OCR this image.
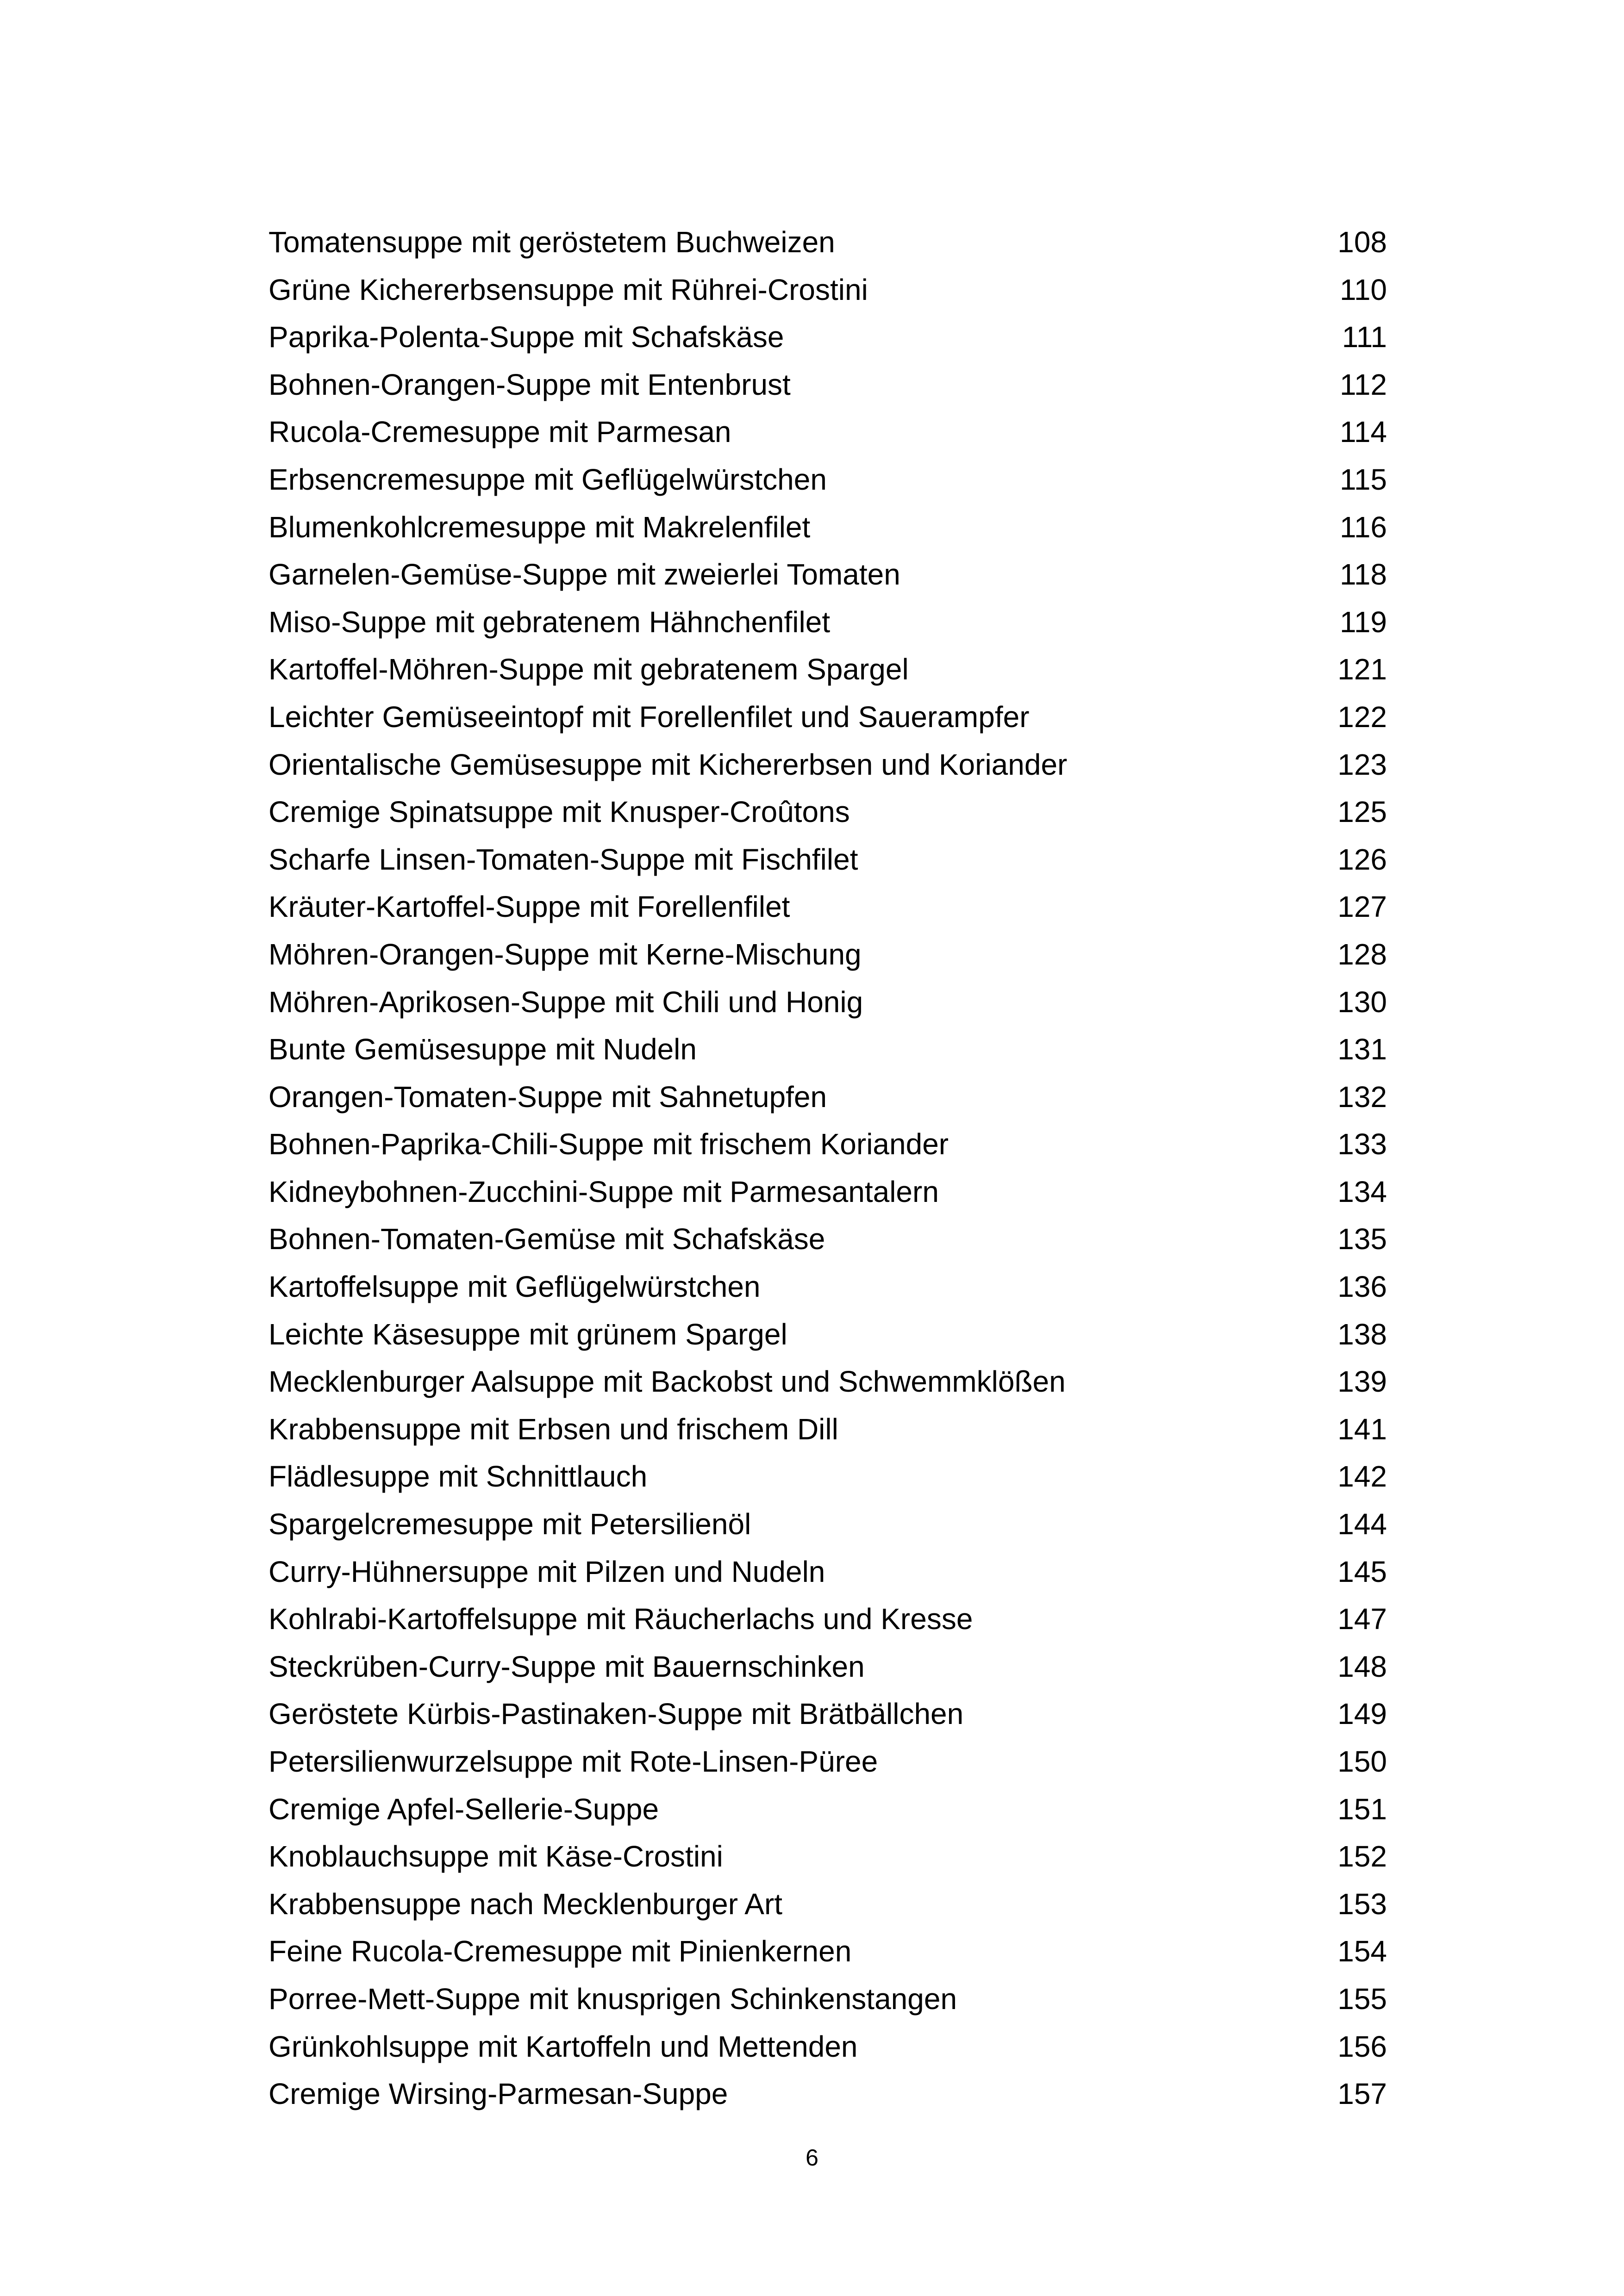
Tomatensuppe mit geröstetem Buchweizen	108
Grüne Kichererbsensuppe mit Rührei-Crostini	110
Paprika-Polenta-Suppe mit Schafskäse	111
Bohnen-Orangen-Suppe mit Entenbrust	112
Rucola-Cremesuppe mit Parmesan	114
Erbsencremesuppe mit Geflügelwürstchen	115
Blumenkohlcremesuppe mit Makrelenfilet	116
Garnelen-Gemüse-Suppe mit zweierlei Tomaten	118
Miso-Suppe mit gebratenem Hähnchenfilet	119
Kartoffel-Möhren-Suppe mit gebratenem Spargel	121
Leichter Gemüseeintopf mit Forellenfilet und Sauerampfer	122
Orientalische Gemüsesuppe mit Kichererbsen und Koriander	123
Cremige Spinatsuppe mit Knusper-Croûtons	125
Scharfe Linsen-Tomaten-Suppe mit Fischfilet	126
Kräuter-Kartoffel-Suppe mit Forellenfilet	127
Möhren-Orangen-Suppe mit Kerne-Mischung	128
Möhren-Aprikosen-Suppe mit Chili und Honig	130
Bunte Gemüsesuppe mit Nudeln	131
Orangen-Tomaten-Suppe mit Sahnetupfen	132
Bohnen-Paprika-Chili-Suppe mit frischem Koriander	133
Kidneybohnen-Zucchini-Suppe mit Parmesantalern	134
Bohnen-Tomaten-Gemüse mit Schafskäse	135
Kartoffelsuppe mit Geflügelwürstchen	136
Leichte Käsesuppe mit grünem Spargel	138
Mecklenburger Aalsuppe mit Backobst und Schwemmklößen	139
Krabbensuppe mit Erbsen und frischem Dill	141
Flädlesuppe mit Schnittlauch	142
Spargelcremesuppe mit Petersilienöl	144
Curry-Hühnersuppe mit Pilzen und Nudeln	145
Kohlrabi-Kartoffelsuppe mit Räucherlachs und Kresse	147
Steckrüben-Curry-Suppe mit Bauernschinken	148
Geröstete Kürbis-Pastinaken-Suppe mit Brätbällchen	149
Petersilienwurzelsuppe mit Rote-Linsen-Püree	150
Cremige Apfel-Sellerie-Suppe	151
Knoblauchsuppe mit Käse-Crostini	152
Krabbensuppe nach Mecklenburger Art	153
Feine Rucola-Cremesuppe mit Pinienkernen	154
Porree-Mett-Suppe mit knusprigen Schinkenstangen	155
Grünkohlsuppe mit Kartoffeln und Mettenden	156
Cremige Wirsing-Parmesan-Suppe	157
6
